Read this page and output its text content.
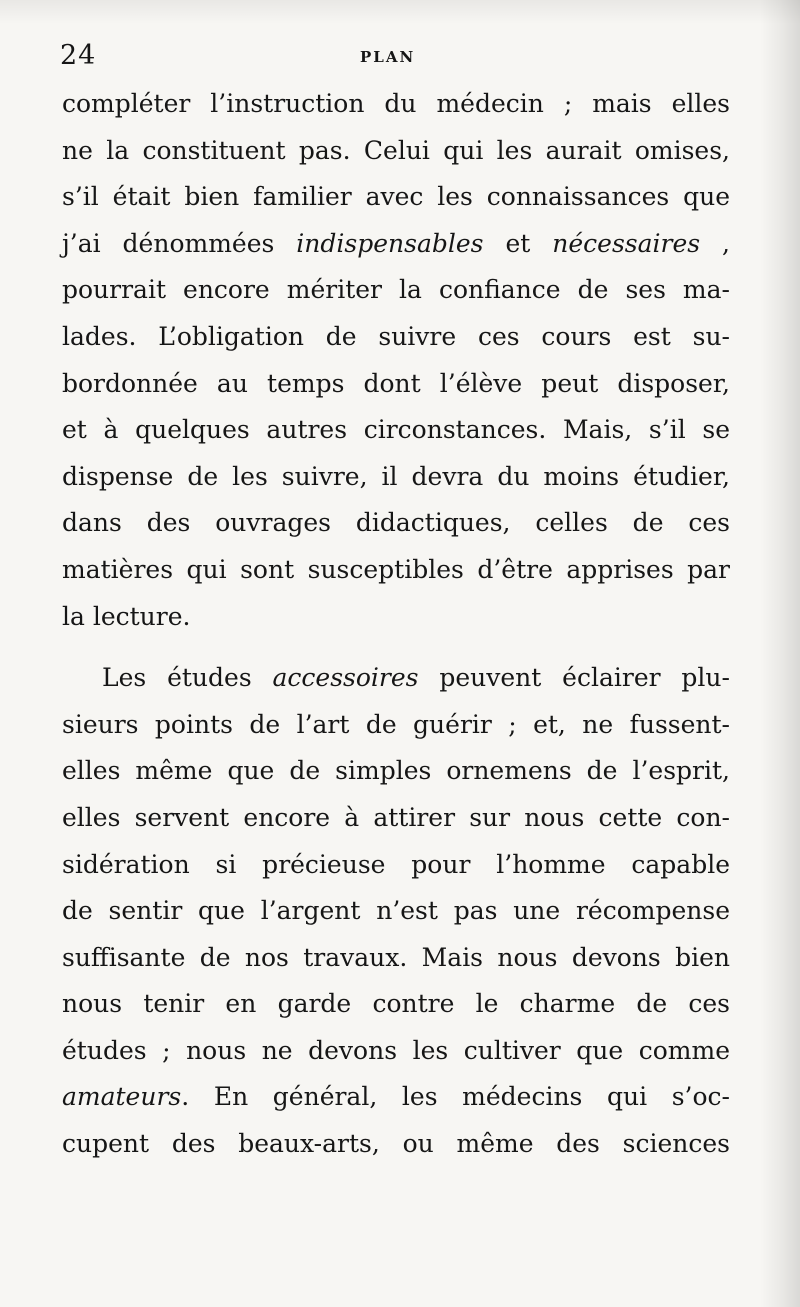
24	PLAN
compléter l’instruction du médecin ; mais elles
ne la constituent pas. Celui qui les aurait omises,
s’il était bien familier avec les connaissances que
j’ai dénommées indispensables et nécessaires ,
pourrait encore mériter la confiance de ses ma-
lades. L’obligation de suivre ces cours est su-
bordonnée au temps dont l’élève peut disposer,
et à quelques autres circonstances. Mais, s’il se
dispense de les suivre, il devra du moins étudier,
dans des ouvrages didactiques, celles de ces
matières qui sont susceptibles d’être apprises par
la lecture.
Les études accessoires peuvent éclairer plu-
sieurs points de l’art de guérir ; et, ne fussent-
elles même que de simples ornemens de l’esprit,
elles servent encore à attirer sur nous cette con-
sidération si précieuse pour l’homme capable
de sentir que l’argent n’est pas une récompense
suffisante de nos travaux. Mais nous devons bien
nous tenir en garde contre le charme de ces
études ; nous ne devons les cultiver que comme
amateurs. En général, les médecins qui s’oc-
cupent des beaux-arts, ou même des sciences
